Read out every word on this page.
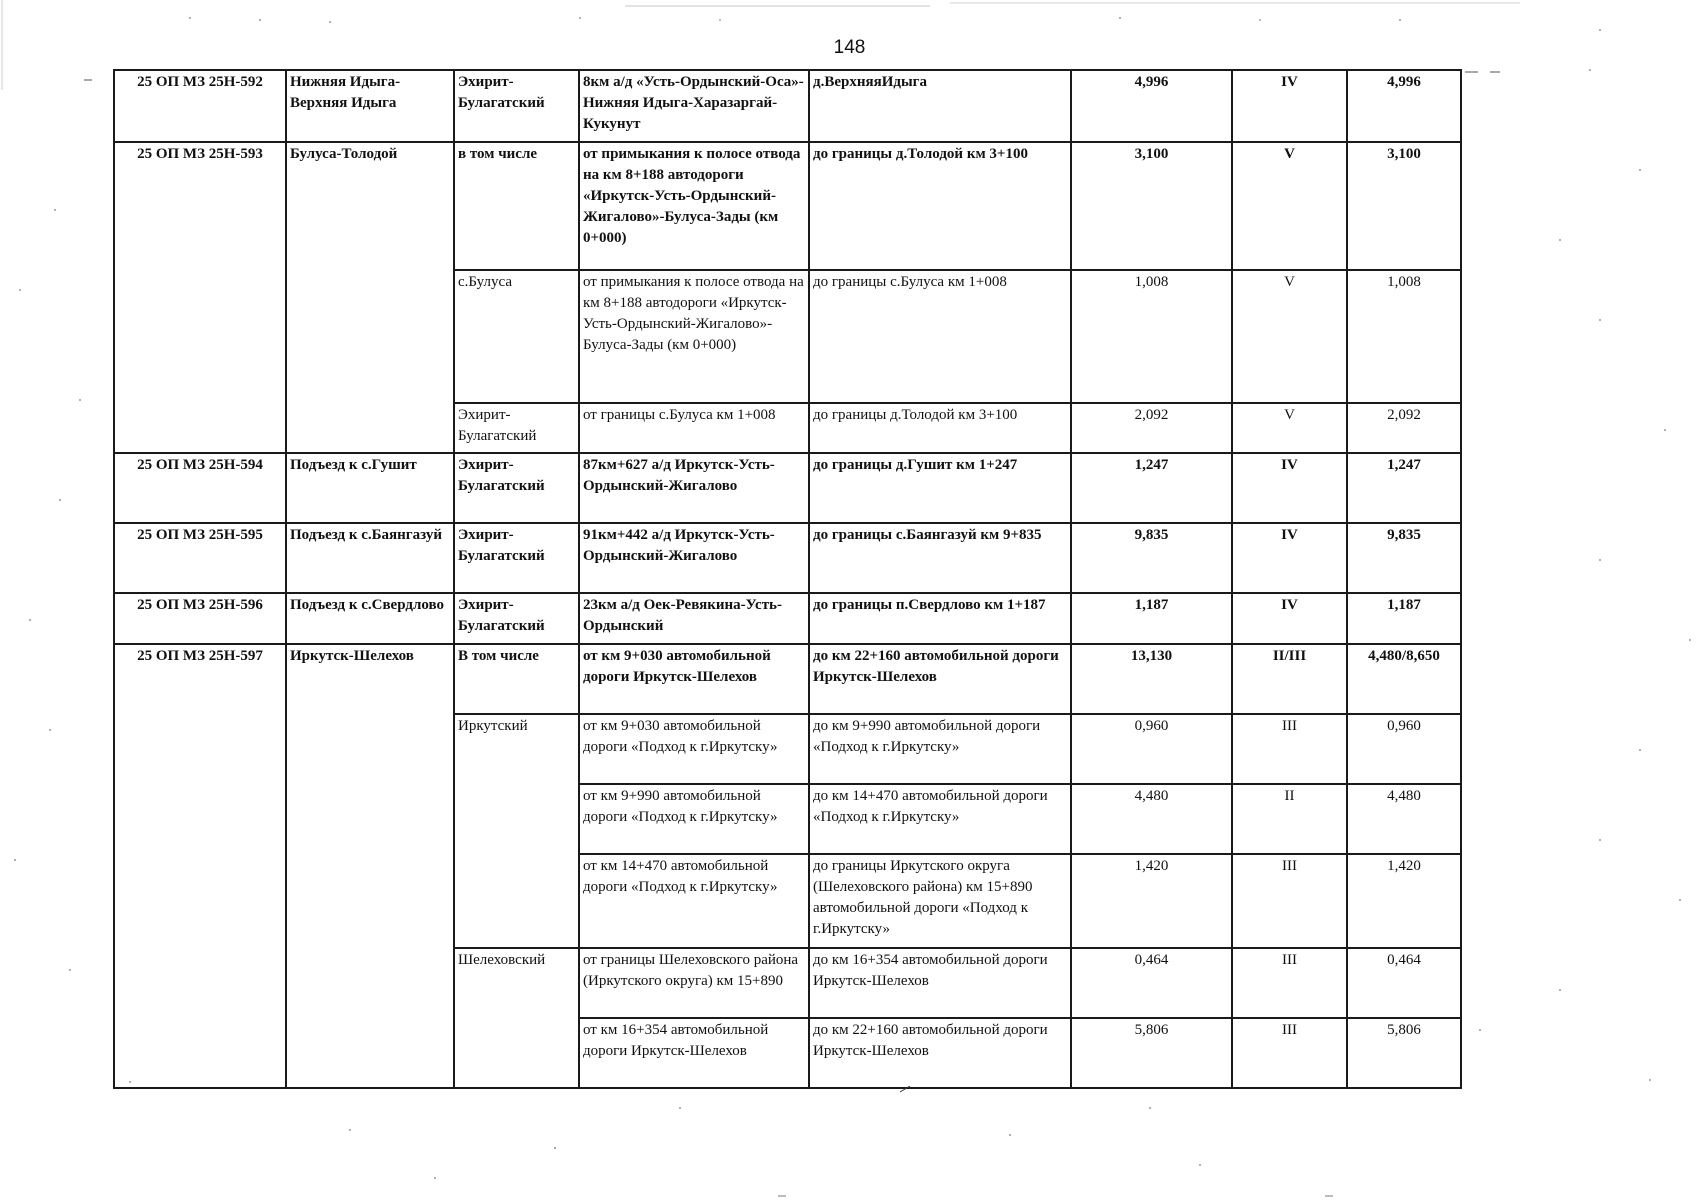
148
25 ОП МЗ 25Н-592	Нижняя Идыга-Верхняя Идыга	Эхирит-Булагатский	8км а/д «Усть-Ордынский-Оса»-Нижняя Идыга-Харазаргай-Кукунут	д.ВерхняяИдыга	4,996	IV	4,996
25 ОП МЗ 25Н-593	Булуса-Толодой	в том числе	от примыкания к полосе отвода на км 8+188 автодороги «Иркутск-Усть-Ордынский-Жигалово»-Булуса-Зады (км 0+000)	до границы д.Толодой км 3+100	3,100	V	3,100
		с.Булуса	от примыкания к полосе отвода на км 8+188 автодороги «Иркутск-Усть-Ордынский-Жигалово»-Булуса-Зады (км 0+000)	до границы с.Булуса км 1+008	1,008	V	1,008
		Эхирит-Булагатский	от границы с.Булуса км 1+008	до границы д.Толодой км 3+100	2,092	V	2,092
25 ОП МЗ 25Н-594	Подъезд к с.Гушит	Эхирит-Булагатский	87км+627 а/д Иркутск-Усть-Ордынский-Жигалово	до границы д.Гушит км 1+247	1,247	IV	1,247
25 ОП МЗ 25Н-595	Подъезд к с.Баянгазуй	Эхирит-Булагатский	91км+442 а/д Иркутск-Усть-Ордынский-Жигалово	до границы с.Баянгазуй км 9+835	9,835	IV	9,835
25 ОП МЗ 25Н-596	Подъезд к с.Свердлово	Эхирит-Булагатский	23км а/д Оек-Ревякина-Усть-Ордынский	до границы п.Свердлово км 1+187	1,187	IV	1,187
25 ОП МЗ 25Н-597	Иркутск-Шелехов	В том числе	от км 9+030 автомобильной дороги Иркутск-Шелехов	до км 22+160 автомобильной дороги Иркутск-Шелехов	13,130	II/III	4,480/8,650
		Иркутский	от км 9+030 автомобильной дороги «Подход к г.Иркутску»	до км 9+990 автомобильной дороги «Подход к г.Иркутску»	0,960	III	0,960
			от км 9+990 автомобильной дороги «Подход к г.Иркутску»	до км 14+470 автомобильной дороги «Подход к г.Иркутску»	4,480	II	4,480
			от км 14+470 автомобильной дороги «Подход к г.Иркутску»	до границы Иркутского округа (Шелеховского района) км 15+890 автомобильной дороги «Подход к г.Иркутску»	1,420	III	1,420
		Шелеховский	от границы Шелеховского района (Иркутского округа) км 15+890	до км 16+354 автомобильной дороги Иркутск-Шелехов	0,464	III	0,464
			от км 16+354 автомобильной дороги Иркутск-Шелехов	до км 22+160 автомобильной дороги Иркутск-Шелехов	5,806	III	5,806
